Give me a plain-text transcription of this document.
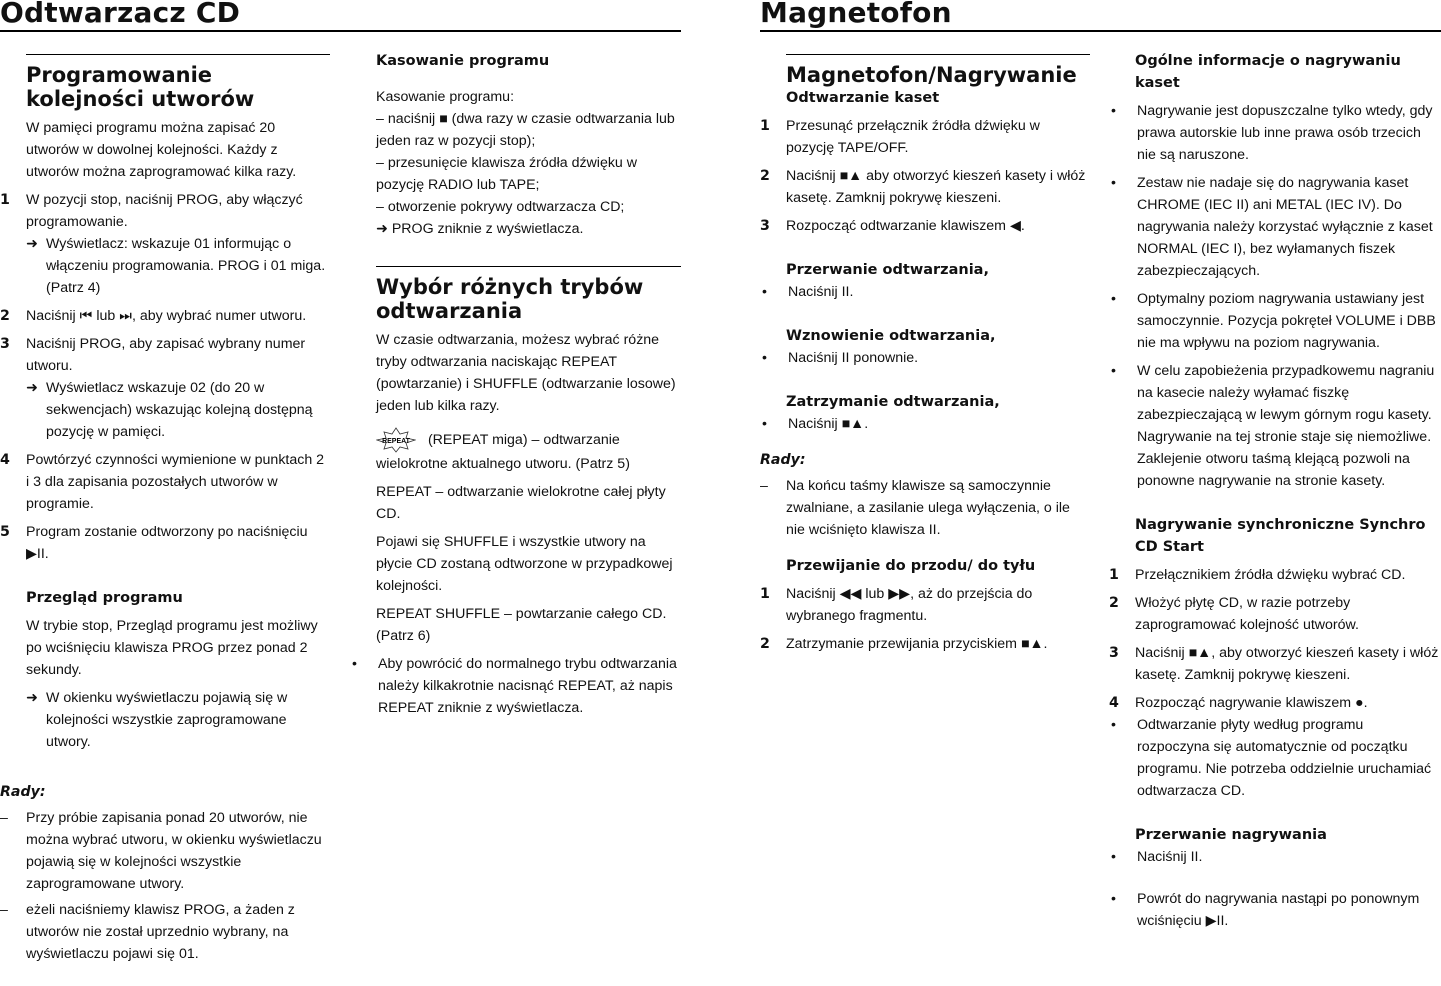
Odtwarzacz CD	Magnetofon
Programowanie kolejności utworów

W pamięci programu można zapisać 20 utworów w dowolnej kolejności. Każdy z utworów można zaprogramować kilka razy.

1	W pozycji stop, naciśnij PROG, aby włączyć programowanie.
➜ Wyświetlacz: wskazuje 01 informując o włączeniu programowania. PROG i 01 miga. (Patrz 4)
2	Naciśnij ⏮ lub ⏭, aby wybrać numer utworu.
3	Naciśnij PROG, aby zapisać wybrany numer utworu.
➜ Wyświetlacz wskazuje 02 (do 20 w sekwencjach) wskazując kolejną dostępną pozycję w pamięci.
4	Powtórzyć czynności wymienione w punktach 2 i 3 dla zapisania pozostałych utworów w programie.
5	Program zostanie odtworzony po naciśnięciu ▶II.
Przegląd programu

W trybie stop, Przegląd programu jest możliwy po wciśnięciu klawisza PROG przez ponad 2 sekundy.

➜ W okienku wyświetlaczu pojawią się w kolejności wszystkie zaprogramowane utwory.
Rady:
–	Przy próbie zapisania ponad 20 utworów, nie można wybrać utworu, w okienku wyświetlaczu pojawią się w kolejności wszystkie zaprogramowane utwory.
–	eżeli naciśniemy klawisz PROG, a żaden z utworów nie został uprzednio wybrany, na wyświetlaczu pojawi się 01.
Kasowanie programu

Kasowanie programu:

– naciśnij ■ (dwa razy w czasie odtwarzania lub jeden raz w pozycji stop);

– przesunięcie klawisza źródła dźwięku w pozycję RADIO lub TAPE;

– otworzenie pokrywy odtwarzacza CD;

➜ PROG zniknie z wyświetlacza.

Wybór różnych trybów odtwarzania

W czasie odtwarzania, możesz wybrać różne tryby odtwarzania naciskając REPEAT (powtarzanie) i SHUFFLE (odtwarzanie losowe) jeden lub kilka razy.

REPEAT (REPEAT miga) – odtwarzanie wielokrotne aktualnego utworu. (Patrz 5)

REPEAT – odtwarzanie wielokrotne całej płyty CD.

Pojawi się SHUFFLE i wszystkie utwory na płycie CD zostaną odtworzone w przypadkowej kolejności.

REPEAT SHUFFLE – powtarzanie całego CD. (Patrz 6)

•	Aby powrócić do normalnego trybu odtwarzania należy kilkakrotnie nacisnąć REPEAT, aż napis REPEAT zniknie z wyświetlacza.
Magnetofon/Nagrywanie
Odtwarzanie kaset
1	Przesunąć przełącznik źródła dźwięku w pozycję TAPE/OFF.
2	Naciśnij ■▲ aby otworzyć kieszeń kasety i włóż kasetę. Zamknij pokrywę kieszeni.
3	Rozpocząć odtwarzanie klawiszem ◀.
Przerwanie odtwarzania,
•	Naciśnij II.
Wznowienie odtwarzania,
•	Naciśnij II ponownie.
Zatrzymanie odtwarzania,
•	Naciśnij ■▲.
Rady:
–	Na końcu taśmy klawisze są samoczynnie zwalniane, a zasilanie ulega wyłączenia, o ile nie wciśnięto klawisza II.
Przewijanie do przodu/ do tyłu
1	Naciśnij ◀◀ lub ▶▶, aż do przejścia do wybranego fragmentu.
2	Zatrzymanie przewijania przyciskiem ■▲.
Ogólne informacje o nagrywaniu kaset
•	Nagrywanie jest dopuszczalne tylko wtedy, gdy prawa autorskie lub inne prawa osób trzecich nie są naruszone.
•	Zestaw nie nadaje się do nagrywania kaset CHROME (IEC II) ani METAL (IEC IV). Do nagrywania należy korzystać wyłącznie z kaset NORMAL (IEC I), bez wyłamanych fiszek zabezpieczających.
•	Optymalny poziom nagrywania ustawiany jest samoczynnie. Pozycja pokręteł VOLUME i DBB nie ma wpływu na poziom nagrywania.
•	W celu zapobieżenia przypadkowemu nagraniu na kasecie należy wyłamać fiszkę zabezpieczającą w lewym górnym rogu kasety. Nagrywanie na tej stronie staje się niemożliwe. Zaklejenie otworu taśmą klejącą pozwoli na ponowne nagrywanie na stronie kasety.
Nagrywanie synchroniczne Synchro CD Start
1	Przełącznikiem źródła dźwięku wybrać CD.
2	Włożyć płytę CD, w razie potrzeby zaprogramować kolejność utworów.
3	Naciśnij ■▲, aby otworzyć kieszeń kasety i włóż kasetę. Zamknij pokrywę kieszeni.
4	Rozpocząć nagrywanie klawiszem ●.
•	Odtwarzanie płyty według programu rozpoczyna się automatycznie od początku programu. Nie potrzeba oddzielnie uruchamiać odtwarzacza CD.
Przerwanie nagrywania
•	Naciśnij II.
•	Powrót do nagrywania nastąpi po ponownym wciśnięciu ▶II.
